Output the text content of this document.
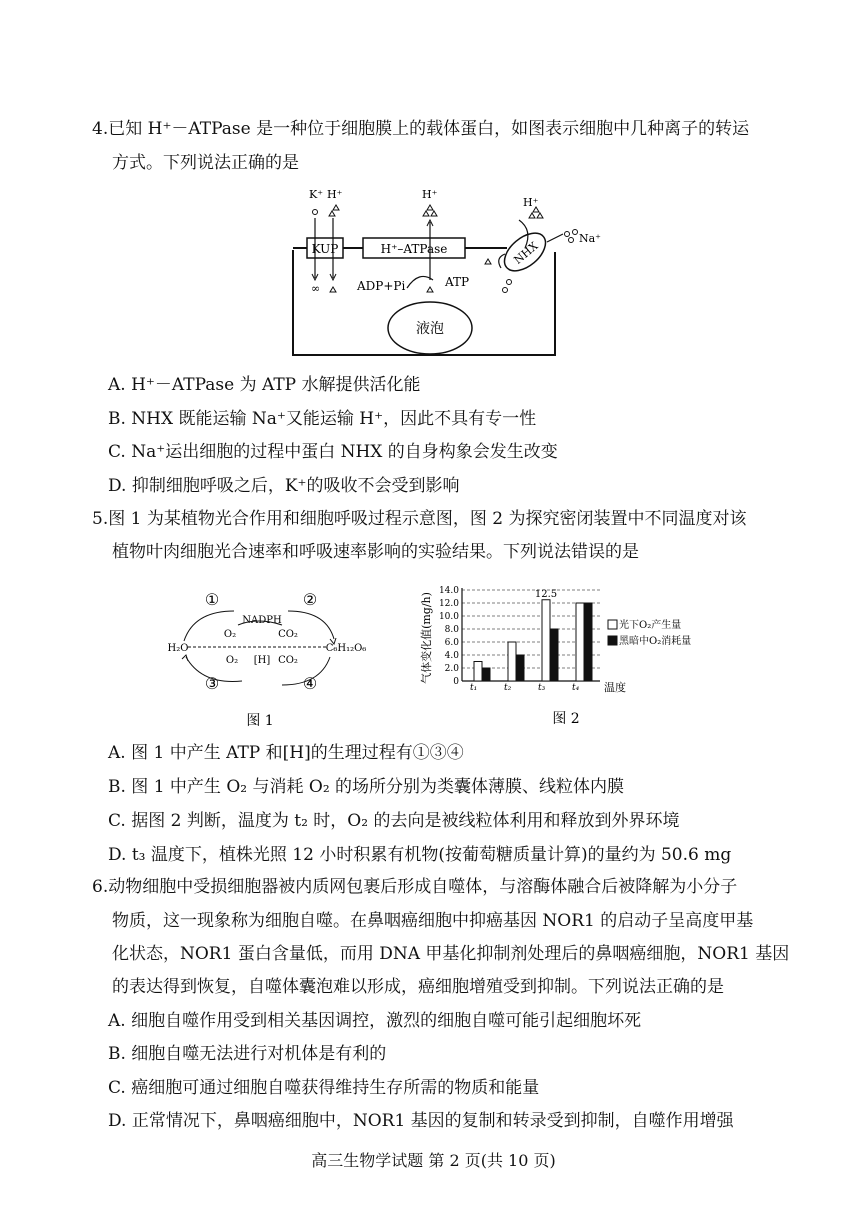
4.已知 H⁺－ATPase 是一种位于细胞膜上的载体蛋白，如图表示细胞中几种离子的转运
方式。下列说法正确的是
KUP	H⁺–ATPase	NHX
K⁺ H⁺	H⁺
H⁺
Na⁺
∞	ADP+Pi	ATP
液泡
A. H⁺－ATPase 为 ATP 水解提供活化能
B. NHX 既能运输 Na⁺又能运输 H⁺，因此不具有专一性
C. Na⁺运出细胞的过程中蛋白 NHX 的自身构象会发生改变
D. 抑制细胞呼吸之后，K⁺的吸收不会受到影响
5.图 1 为某植物光合作用和细胞呼吸过程示意图，图 2 为探究密闭装置中不同温度对该
植物叶肉细胞光合速率和呼吸速率影响的实验结果。下列说法错误的是
①	②
③	④
NADPH
O₂	CO₂
H₂O
O₂ [H] CO₂
C₆H₁₂O₆
图 1
气体变化值(mg/h) 0
2.0
4.0
6.0
8.0
10.0
12.0
14.0
t₁	t₂	t₃	t₄ 温度
12.5
光下O₂产生量
黑暗中O₂消耗量
图 2
A. 图 1 中产生 ATP 和[H]的生理过程有①③④
B. 图 1 中产生 O₂ 与消耗 O₂ 的场所分别为类囊体薄膜、线粒体内膜
C. 据图 2 判断，温度为 t₂ 时，O₂ 的去向是被线粒体利用和释放到外界环境
D. t₃ 温度下，植株光照 12 小时积累有机物(按葡萄糖质量计算)的量约为 50.6 mg
6.动物细胞中受损细胞器被内质网包裹后形成自噬体，与溶酶体融合后被降解为小分子
物质，这一现象称为细胞自噬。在鼻咽癌细胞中抑癌基因 NOR1 的启动子呈高度甲基
化状态，NOR1 蛋白含量低，而用 DNA 甲基化抑制剂处理后的鼻咽癌细胞，NOR1 基因
的表达得到恢复，自噬体囊泡难以形成，癌细胞增殖受到抑制。下列说法正确的是
A. 细胞自噬作用受到相关基因调控，激烈的细胞自噬可能引起细胞坏死
B. 细胞自噬无法进行对机体是有利的
C. 癌细胞可通过细胞自噬获得维持生存所需的物质和能量
D. 正常情况下，鼻咽癌细胞中，NOR1 基因的复制和转录受到抑制，自噬作用增强
高三生物学试题 第 2 页(共 10 页)
